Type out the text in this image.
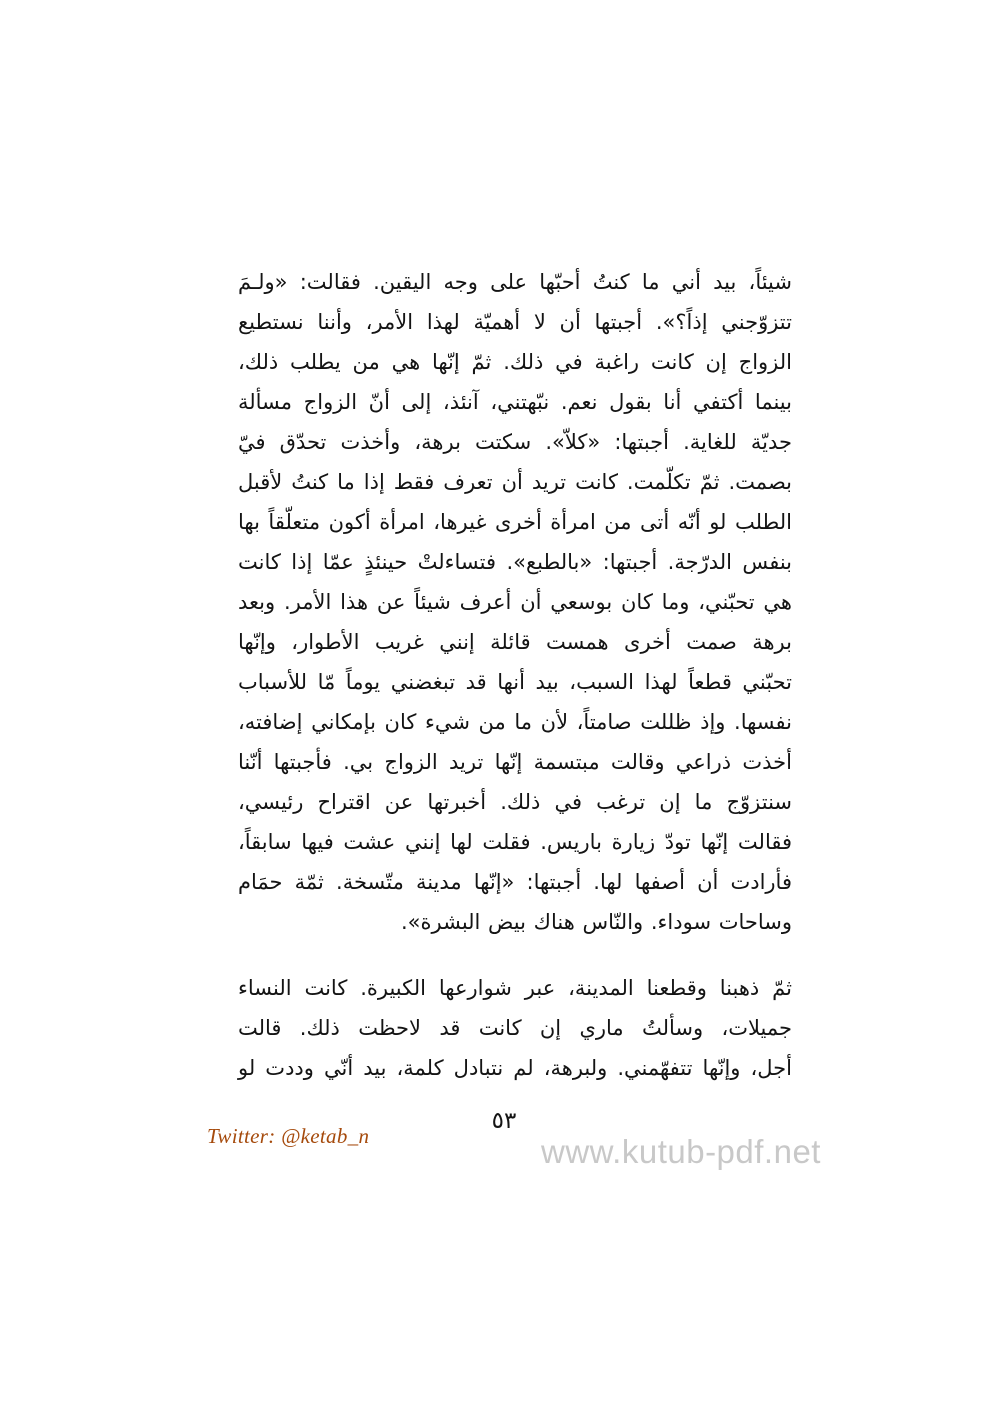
شيئاً، بيد أني ما كنتُ أحبّها على وجه اليقين. فقالت: «ولـمَ
تتزوّجني إذاً؟». أجبتها أن لا أهميّة لهذا الأمر، وأننا نستطيع
الزواج إن كانت راغبة في ذلك. ثمّ إنّها هي من يطلب ذلك،
بينما أكتفي أنا بقول نعم. نبّهتني، آنئذ، إلى أنّ الزواج مسألة
جديّة للغاية. أجبتها: «كلاّ». سكتت برهة، وأخذت تحدّق فيّ
بصمت. ثمّ تكلّمت. كانت تريد أن تعرف فقط إذا ما كنتُ لأقبل
الطلب لو أنّه أتى من امرأة أخرى غيرها، امرأة أكون متعلّقاً بها
بنفس الدرّجة. أجبتها: «بالطبع». فتساءلتْ حينئذٍ عمّا إذا كانت
هي تحبّني، وما كان بوسعي أن أعرف شيئاً عن هذا الأمر. وبعد
برهة صمت أخرى همست قائلة إنني غريب الأطوار، وإنّها
تحبّني قطعاً لهذا السبب، بيد أنها قد تبغضني يوماً مّا للأسباب
نفسها. وإذ ظللت صامتاً، لأن ما من شيء كان بإمكاني إضافته،
أخذت ذراعي وقالت مبتسمة إنّها تريد الزواج بي. فأجبتها أنّنا
سنتزوّج ما إن ترغب في ذلك. أخبرتها عن اقتراح رئيسي،
فقالت إنّها تودّ زيارة باريس. فقلت لها إنني عشت فيها سابقاً،
فأرادت أن أصفها لها. أجبتها: «إنّها مدينة متّسخة. ثمّة حمَام
وساحات سوداء. والنّاس هناك بيض البشرة».
ثمّ ذهبنا وقطعنا المدينة، عبر شوارعها الكبيرة. كانت النساء
جميلات، وسألتُ ماري إن كانت قد لاحظت ذلك. قالت
أجل، وإنّها تتفهّمني. ولبرهة، لم نتبادل كلمة، بيد أنّي وددت لو
Twitter: @ketab_n
٥٣
www.kutub-pdf.net
